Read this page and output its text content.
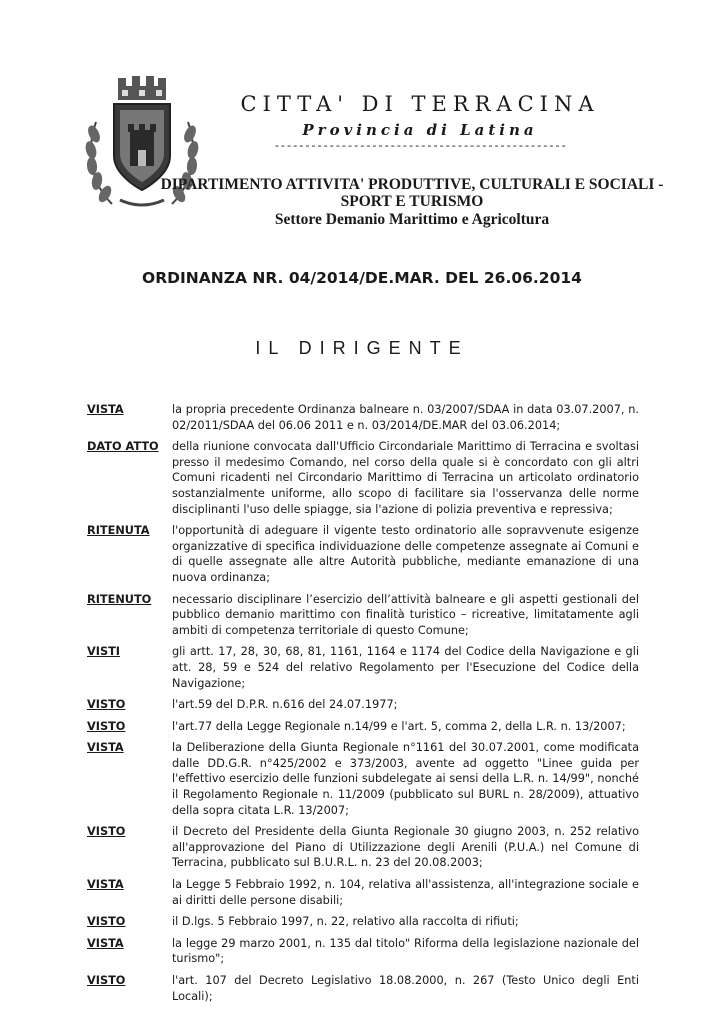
CITTA' DI TERRACINA
Provincia di Latina
------------------------------------------------
DIPARTIMENTO ATTIVITA' PRODUTTIVE, CULTURALI E SOCIALI - SPORT E TURISMO
Settore Demanio Marittimo e Agricoltura
ORDINANZA NR. 04/2014/DE.MAR. DEL 26.06.2014
IL DIRIGENTE
VISTA	la propria precedente Ordinanza balneare n. 03/2007/SDAA in data 03.07.2007, n. 02/2011/SDAA del 06.06 2011 e n. 03/2014/DE.MAR del 03.06.2014;
DATO ATTO	della riunione convocata dall'Ufficio Circondariale Marittimo di Terracina e svoltasi presso il medesimo Comando, nel corso della quale si è concordato con gli altri Comuni ricadenti nel Circondario Marittimo di Terracina un articolato ordinatorio sostanzialmente uniforme, allo scopo di facilitare sia l'osservanza delle norme disciplinanti l'uso delle spiagge, sia l'azione di polizia preventiva e repressiva;
RITENUTA	l'opportunità di adeguare il vigente testo ordinatorio alle sopravvenute esigenze organizzative di specifica individuazione delle competenze assegnate ai Comuni e di quelle assegnate alle altre Autorità pubbliche, mediante emanazione di una nuova ordinanza;
RITENUTO	necessario disciplinare l’esercizio dell’attività balneare e gli aspetti gestionali del pubblico demanio marittimo con finalità turistico – ricreative, limitatamente agli ambiti di competenza territoriale di questo Comune;
VISTI	gli artt. 17, 28, 30, 68, 81, 1161, 1164 e 1174 del Codice della Navigazione e gli att. 28, 59 e 524 del relativo Regolamento per l'Esecuzione del Codice della Navigazione;
VISTO	l'art.59 del D.P.R. n.616 del 24.07.1977;
VISTO	l'art.77 della Legge Regionale n.14/99 e l'art. 5, comma 2, della L.R. n. 13/2007;
VISTA	la Deliberazione della Giunta Regionale n°1161 del 30.07.2001, come modificata dalle DD.G.R. n°425/2002 e 373/2003, avente ad oggetto "Linee guida per l'effettivo esercizio delle funzioni subdelegate ai sensi della L.R. n. 14/99", nonché il Regolamento Regionale n. 11/2009 (pubblicato sul BURL n. 28/2009), attuativo della sopra citata L.R. 13/2007;
VISTO	il Decreto del Presidente della Giunta Regionale 30 giugno 2003, n. 252 relativo all'approvazione del Piano di Utilizzazione degli Arenili (P.U.A.) nel Comune di Terracina, pubblicato sul B.U.R.L. n. 23 del 20.08.2003;
VISTA	la Legge 5 Febbraio 1992, n. 104, relativa all'assistenza, all'integrazione sociale e ai diritti delle persone disabili;
VISTO	il D.lgs. 5 Febbraio 1997, n. 22, relativo alla raccolta di rifiuti;
VISTA	la legge 29 marzo 2001, n. 135 dal titolo" Riforma della legislazione nazionale del turismo";
VISTO	l'art. 107 del Decreto Legislativo 18.08.2000, n. 267 (Testo Unico degli Enti Locali);
